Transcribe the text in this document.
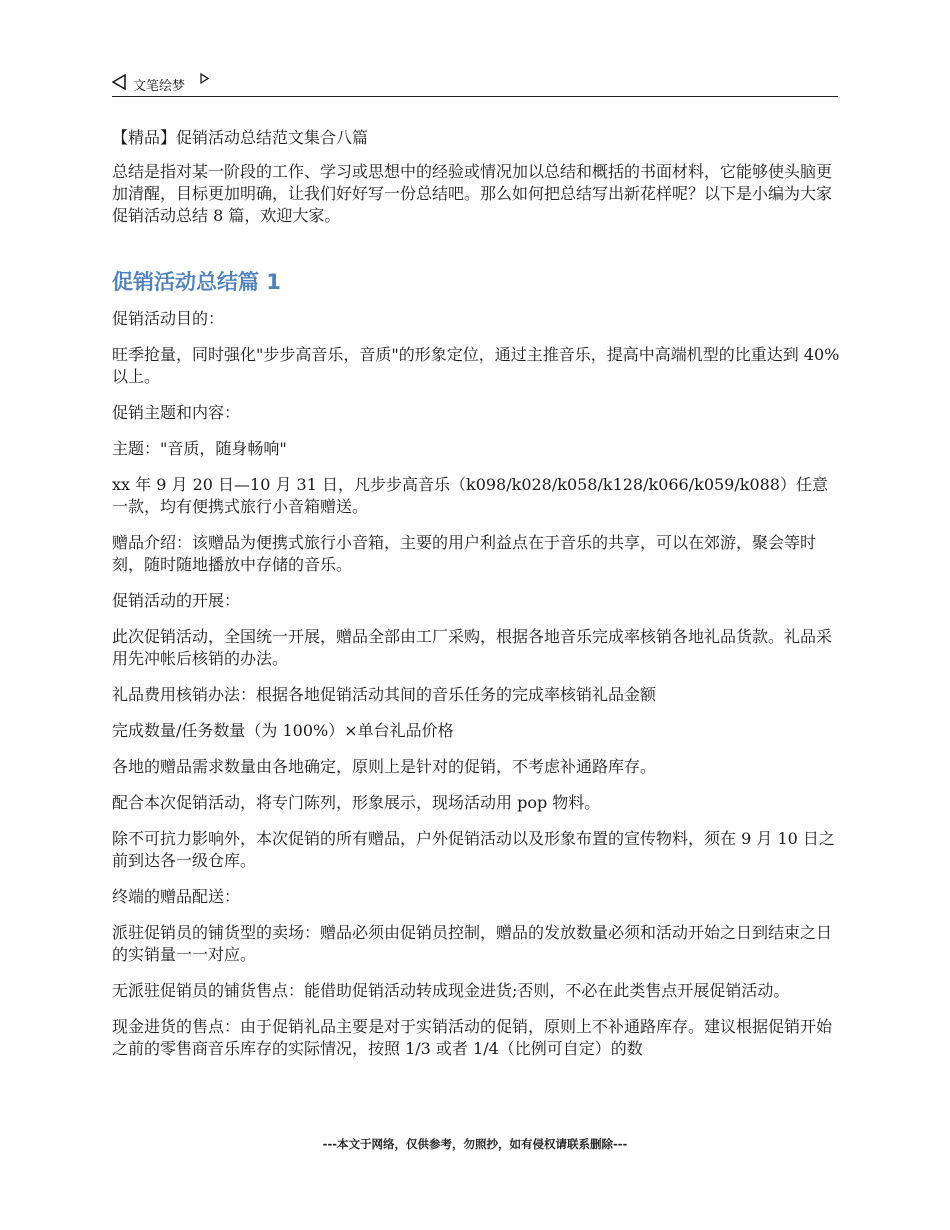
文笔绘梦
【精品】促销活动总结范文集合八篇
总结是指对某一阶段的工作、学习或思想中的经验或情况加以总结和概括的书面材料，它能够使头脑更加清醒，目标更加明确，让我们好好写一份总结吧。那么如何把总结写出新花样呢？以下是小编为大家促销活动总结 8 篇，欢迎大家。
促销活动总结篇 1

促销活动目的：

旺季抢量，同时强化"步步高音乐，音质"的形象定位，通过主推音乐，提高中高端机型的比重达到 40%以上。

促销主题和内容：

主题："音质，随身畅响"

xx 年 9 月 20 日—10 月 31 日，凡步步高音乐（k098/k028/k058/k128/k066/k059/k088）任意一款，均有便携式旅行小音箱赠送。

赠品介绍：该赠品为便携式旅行小音箱，主要的用户利益点在于音乐的共享，可以在郊游，聚会等时刻，随时随地播放中存储的音乐。

促销活动的开展：

此次促销活动，全国统一开展，赠品全部由工厂采购，根据各地音乐完成率核销各地礼品货款。礼品采用先冲帐后核销的办法。

礼品费用核销办法：根据各地促销活动其间的音乐任务的完成率核销礼品金额

完成数量/任务数量（为 100%）×单台礼品价格

各地的赠品需求数量由各地确定，原则上是针对的促销，不考虑补通路库存。

配合本次促销活动，将专门陈列，形象展示，现场活动用 pop 物料。

除不可抗力影响外，本次促销的所有赠品，户外促销活动以及形象布置的宣传物料，须在 9 月 10 日之前到达各一级仓库。

终端的赠品配送：

派驻促销员的铺货型的卖场：赠品必须由促销员控制，赠品的发放数量必须和活动开始之日到结束之日的实销量一一对应。

无派驻促销员的铺货售点：能借助促销活动转成现金进货;否则，不必在此类售点开展促销活动。

现金进货的售点：由于促销礼品主要是对于实销活动的促销，原则上不补通路库存。建议根据促销开始之前的零售商音乐库存的实际情况，按照 1/3 或者 1/4（比例可自定）的数

---本文于网络，仅供参考，勿照抄，如有侵权请联系删除---
